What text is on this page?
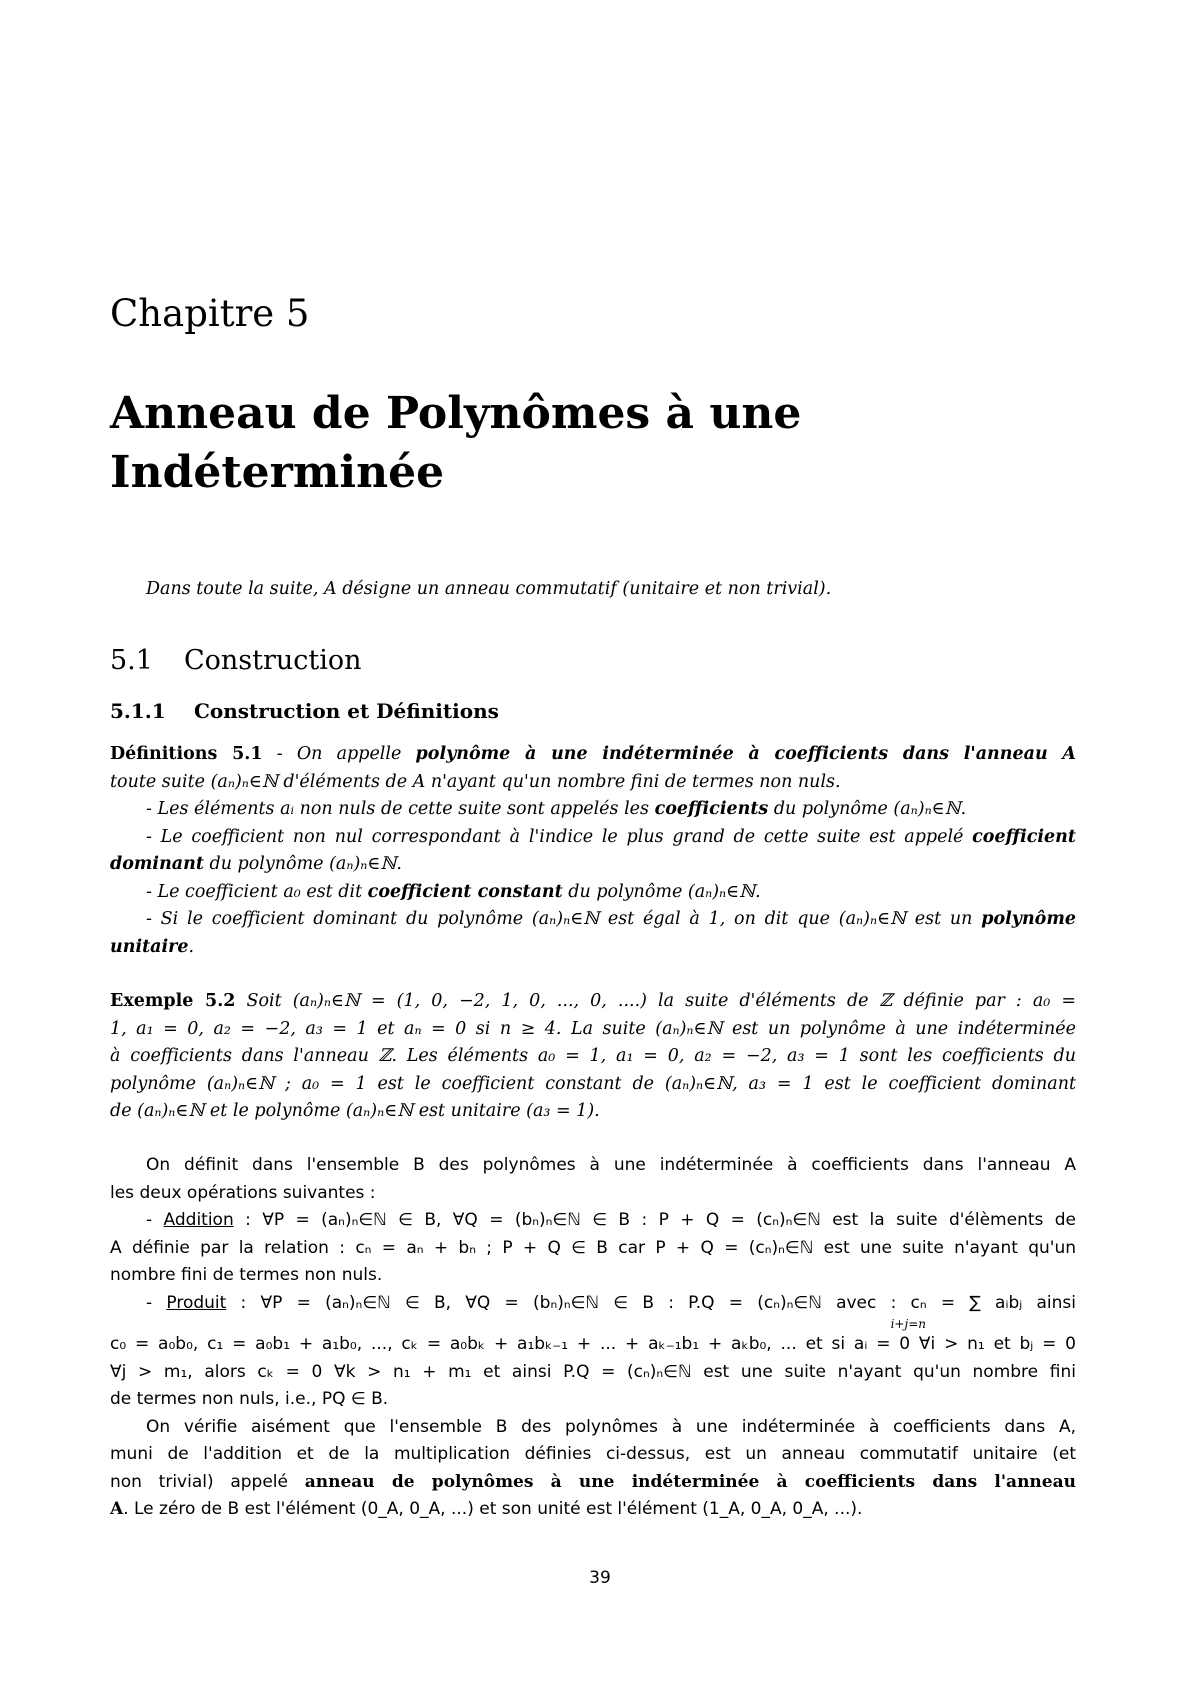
Chapitre 5
Anneau de Polynômes à une
Indéterminée
Dans toute la suite, A désigne un anneau commutatif (unitaire et non trivial).
5.1 Construction
5.1.1 Construction et Définitions
Définitions 5.1 - On appelle polynôme à une indéterminée à coefficients dans l'anneau A
toute suite (aₙ)ₙ∈ℕ d'éléments de A n'ayant qu'un nombre fini de termes non nuls.
- Les éléments aᵢ non nuls de cette suite sont appelés les coefficients du polynôme (aₙ)ₙ∈ℕ.
- Le coefficient non nul correspondant à l'indice le plus grand de cette suite est appelé coefficient
dominant du polynôme (aₙ)ₙ∈ℕ.
- Le coefficient a₀ est dit coefficient constant du polynôme (aₙ)ₙ∈ℕ.
- Si le coefficient dominant du polynôme (aₙ)ₙ∈ℕ est égal à 1, on dit que (aₙ)ₙ∈ℕ est un polynôme
unitaire.
Exemple 5.2 Soit (aₙ)ₙ∈ℕ = (1, 0, −2, 1, 0, ..., 0, ....) la suite d'éléments de ℤ définie par : a₀ =
1, a₁ = 0, a₂ = −2, a₃ = 1 et aₙ = 0 si n ≥ 4. La suite (aₙ)ₙ∈ℕ est un polynôme à une indéterminée
à coefficients dans l'anneau ℤ. Les éléments a₀ = 1, a₁ = 0, a₂ = −2, a₃ = 1 sont les coefficients du
polynôme (aₙ)ₙ∈ℕ ; a₀ = 1 est le coefficient constant de (aₙ)ₙ∈ℕ, a₃ = 1 est le coefficient dominant
de (aₙ)ₙ∈ℕ et le polynôme (aₙ)ₙ∈ℕ est unitaire (a₃ = 1).
On définit dans l'ensemble B des polynômes à une indéterminée à coefficients dans l'anneau A
les deux opérations suivantes :
- Addition : ∀P = (aₙ)ₙ∈ℕ ∈ B, ∀Q = (bₙ)ₙ∈ℕ ∈ B : P + Q = (cₙ)ₙ∈ℕ est la suite d'élèments de
A définie par la relation : cₙ = aₙ + bₙ ; P + Q ∈ B car P + Q = (cₙ)ₙ∈ℕ est une suite n'ayant qu'un
nombre fini de termes non nuls.
- Produit : ∀P = (aₙ)ₙ∈ℕ ∈ B, ∀Q = (bₙ)ₙ∈ℕ ∈ B : P.Q = (cₙ)ₙ∈ℕ avec : cₙ = ∑ aᵢbⱼ ainsi
i+j=n
c₀ = a₀b₀, c₁ = a₀b₁ + a₁b₀, ..., cₖ = a₀bₖ + a₁bₖ₋₁ + ... + aₖ₋₁b₁ + aₖb₀, ... et si aᵢ = 0 ∀i > n₁ et bⱼ = 0
∀j > m₁, alors cₖ = 0 ∀k > n₁ + m₁ et ainsi P.Q = (cₙ)ₙ∈ℕ est une suite n'ayant qu'un nombre fini
de termes non nuls, i.e., PQ ∈ B.
On vérifie aisément que l'ensemble B des polynômes à une indéterminée à coefficients dans A,
muni de l'addition et de la multiplication définies ci-dessus, est un anneau commutatif unitaire (et
non trivial) appelé anneau de polynômes à une indéterminée à coefficients dans l'anneau
A. Le zéro de B est l'élément (0_A, 0_A, ...) et son unité est l'élément (1_A, 0_A, 0_A, ...).
39
